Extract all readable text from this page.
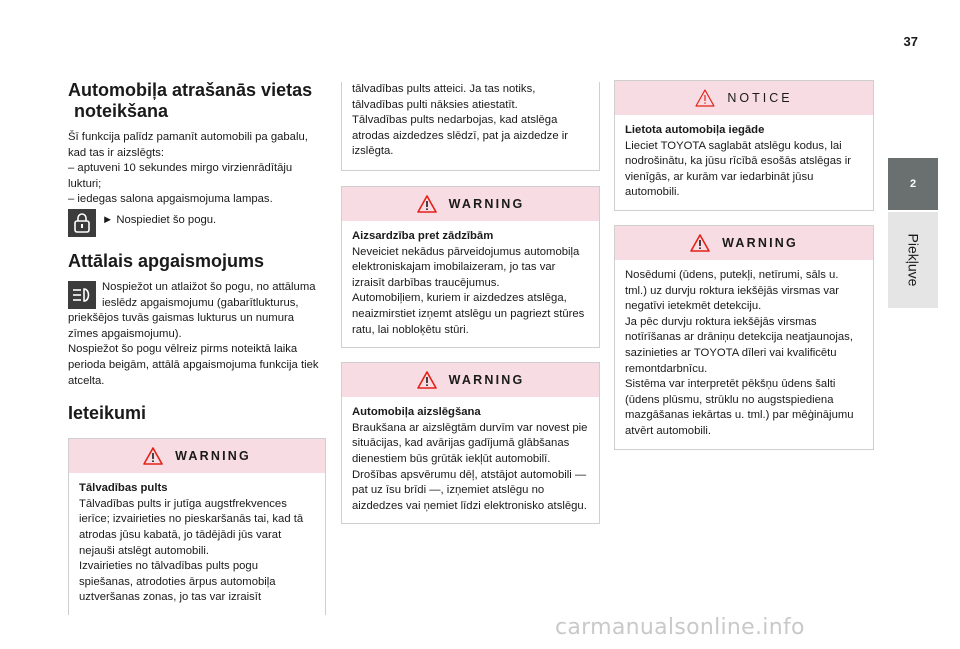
37
2
Piekļuve
Automobiļa atrašanās vietas
noteikšana

Šī funkcija palīdz pamanīt automobili pa gabalu, kad tas ir aizslēgts:

– aptuveni 10 sekundes mirgo virzienrādītāju lukturi;

– iedegas salona apgaismojuma lampas.

► Nospiediet šo pogu.

Attālais apgaismojums

Nospiežot un atlaižot šo pogu, no attāluma ieslēdz apgaismojumu (gabarītlukturus, priekšējos tuvās gaismas lukturus un numura zīmes apgaismojumu).

Nospiežot šo pogu vēlreiz pirms noteiktā laika perioda beigām, attālā apgaismojuma funkcija tiek atcelta.

Ieteikumi
WARNING

Tālvadības pults

Tālvadības pults ir jutīga augstfrekvences ierīce; izvairieties no pieskaršanās tai, kad tā atrodas jūsu kabatā, jo tādējādi jūs varat nejauši atslēgt automobili.

Izvairieties no tālvadības pults pogu spiešanas, atrodoties ārpus automobiļa uztveršanas zonas, jo tas var izraisīt

tālvadības pults atteici. Ja tas notiks, tālvadības pulti nāksies atiestatīt.

Tālvadības pults nedarbojas, kad atslēga atrodas aizdedzes slēdzī, pat ja aizdedze ir izslēgta.

WARNING

Aizsardzība pret zādzībām

Neveiciet nekādus pārveidojumus automobiļa elektroniskajam imobilaizeram, jo tas var izraisīt darbības traucējumus.

Automobiļiem, kuriem ir aizdedzes atslēga, neaizmirstiet izņemt atslēgu un pagriezt stūres ratu, lai nobloķētu stūri.

WARNING

Automobiļa aizslēgšana

Braukšana ar aizslēgtām durvīm var novest pie situācijas, kad avārijas gadījumā glābšanas dienestiem būs grūtāk iekļūt automobilī.

Drošības apsvērumu dēļ, atstājot automobili — pat uz īsu brīdi —, izņemiet atslēgu no aizdedzes vai ņemiet līdzi elektronisko atslēgu.

NOTICE

Lietota automobiļa iegāde

Lieciet TOYOTA saglabāt atslēgu kodus, lai nodrošinātu, ka jūsu rīcībā esošās atslēgas ir vienīgās, ar kurām var iedarbināt jūsu automobili.

WARNING

Nosēdumi (ūdens, putekļi, netīrumi, sāls u. tml.) uz durvju roktura iekšējās virsmas var negatīvi ietekmēt detekciju.

Ja pēc durvju roktura iekšējās virsmas notīrīšanas ar drāniņu detekcija neatjaunojas, sazinieties ar TOYOTA dīleri vai kvalificētu remontdarbnīcu.

Sistēma var interpretēt pēkšņu ūdens šalti (ūdens plūsmu, strūklu no augstspiediena mazgāšanas iekārtas u. tml.) par mēģinājumu atvērt automobili.

carmanualsonline.info
